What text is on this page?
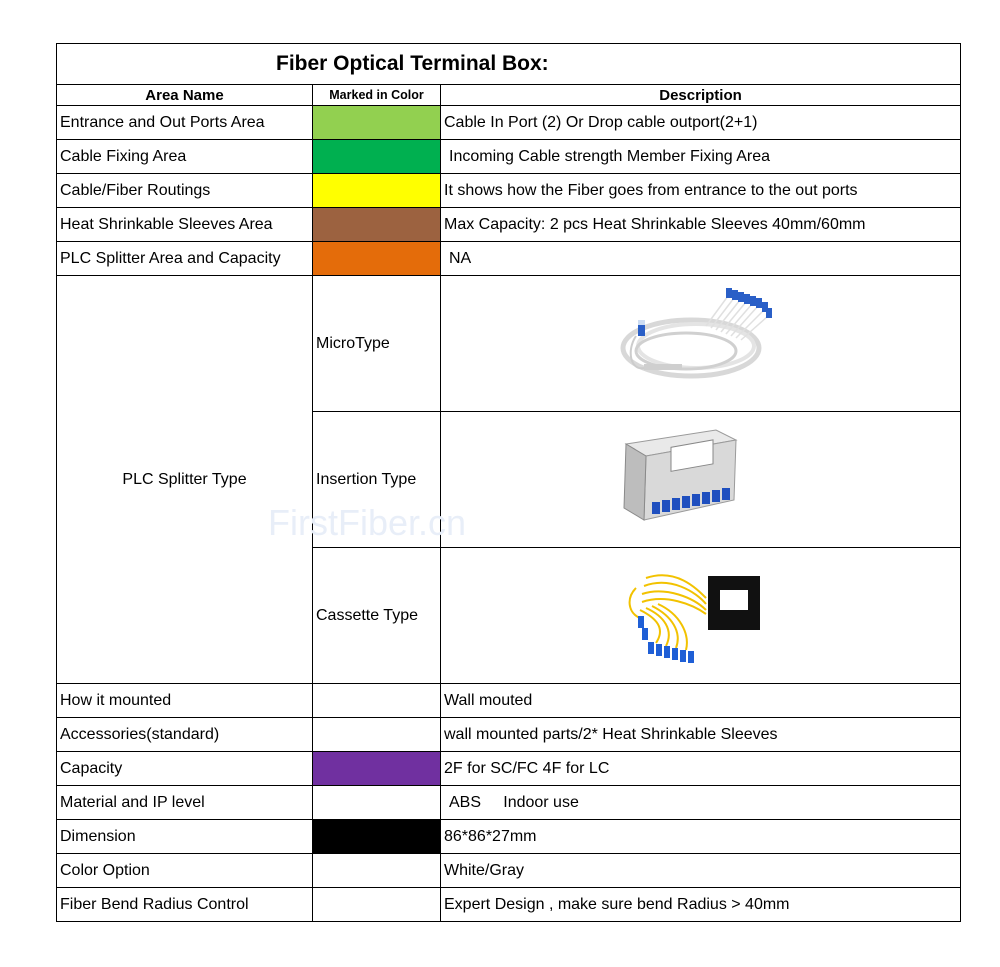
Fiber Optical Terminal Box:		

Area Name	Marked in Color	Description
Entrance and Out Ports Area		Cable In Port (2) Or Drop cable outport(2+1)
Cable Fixing Area		Incoming Cable strength Member Fixing Area
Cable/Fiber Routings		It shows how the Fiber goes from entrance to the out ports
Heat Shrinkable Sleeves Area		Max Capacity: 2 pcs Heat Shrinkable Sleeves 40mm/60mm
PLC Splitter Area and Capacity		NA
PLC Splitter Type	MicroType	
	Insertion Type	
	Cassette Type	
How it mounted		Wall mouted
Accessories(standard)		wall mounted parts/2* Heat Shrinkable Sleeves
Capacity		2F for SC/FC 4F for LC
Material and IP level		ABS     Indoor use
Dimension		86*86*27mm
Color Option		White/Gray
Fiber Bend Radius Control		Expert Design , make sure bend Radius > 40mm
FirstFiber.cn
